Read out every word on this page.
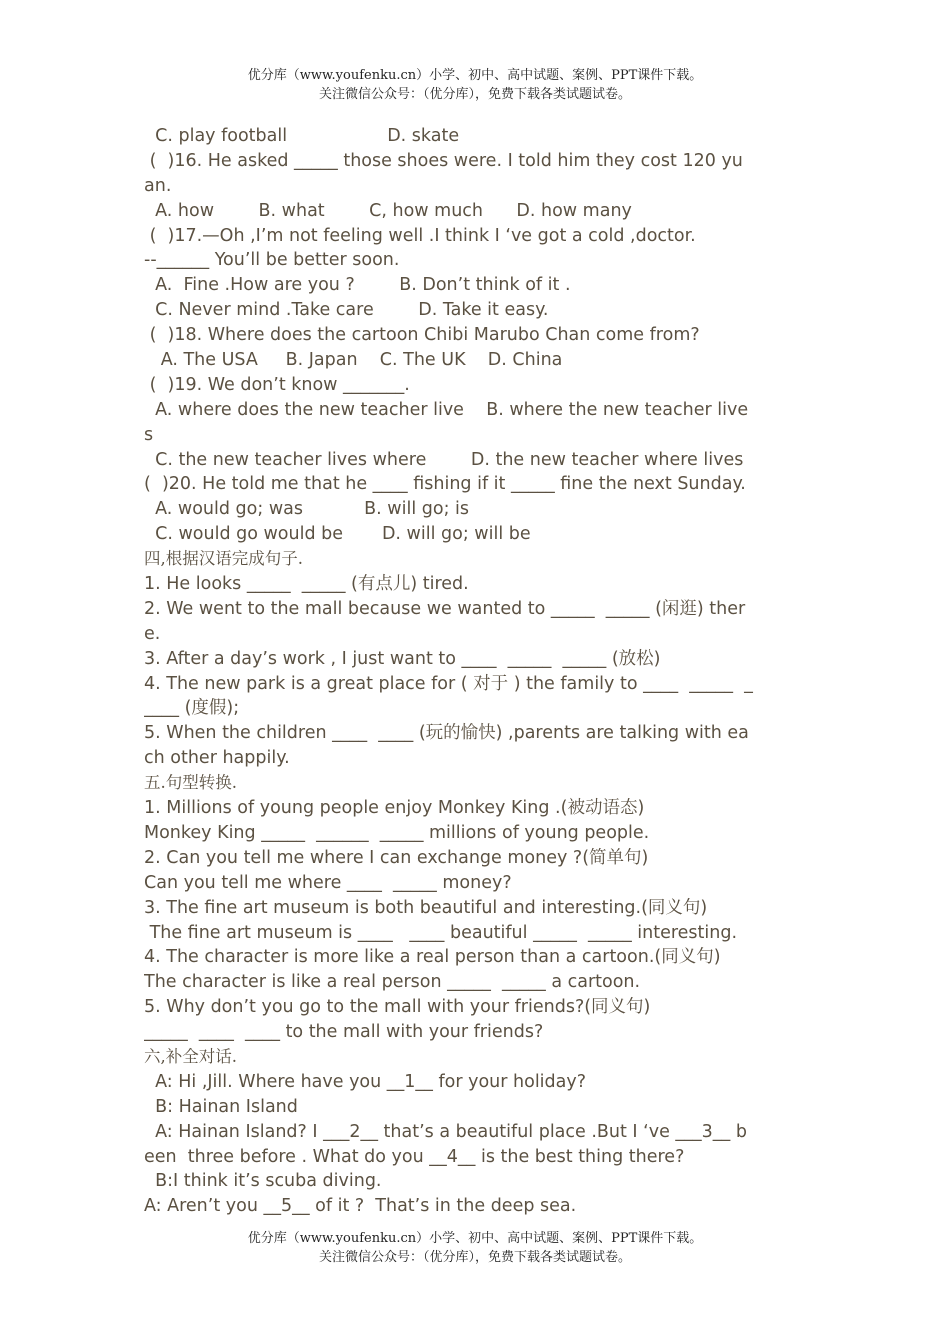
优分库（www.youfenku.cn）小学、初中、高中试题、案例、PPT课件下载。
关注微信公众号：（优分库），免费下载各类试题试卷。
C. play football                  D. skate
(  )16. He asked _____ those shoes were. I told him they cost 120 yu
an.
A. how        B. what        C, how much      D. how many
(  )17.—Oh ,I’m not feeling well .I think I ‘ve got a cold ,doctor.
--______ You’ll be better soon.
A.  Fine .How are you ?        B. Don’t think of it .
C. Never mind .Take care        D. Take it easy.
(  )18. Where does the cartoon Chibi Marubo Chan come from?
A. The USA     B. Japan    C. The UK    D. China
(  )19. We don’t know _______.
A. where does the new teacher live    B. where the new teacher live
s
C. the new teacher lives where        D. the new teacher where lives
(  )20. He told me that he ____ fishing if it _____ fine the next Sunday.
A. would go; was           B. will go; is
C. would go would be       D. will go; will be
四,根据汉语完成句子.
1. He looks _____  _____ (有点儿) tired.
2. We went to the mall because we wanted to _____  _____ (闲逛) ther
e.
3. After a day’s work , I just want to ____  _____  _____ (放松)
4. The new park is a great place for ( 对于 ) the family to ____  _____  _
____ (度假);
5. When the children ____  ____ (玩的愉快) ,parents are talking with ea
ch other happily.
五.句型转换.
1. Millions of young people enjoy Monkey King .(被动语态)
Monkey King _____  ______  _____ millions of young people.
2. Can you tell me where I can exchange money ?(简单句)
Can you tell me where ____  _____ money?
3. The fine art museum is both beautiful and interesting.(同义句)
The fine art museum is ____   ____ beautiful _____  _____ interesting.
4. The character is more like a real person than a cartoon.(同义句)
The character is like a real person _____  _____ a cartoon.
5. Why don’t you go to the mall with your friends?(同义句)
_____  ____  ____ to the mall with your friends?
六,补全对话.
A: Hi ,Jill. Where have you __1__ for your holiday?
B: Hainan Island
A: Hainan Island? I ___2__ that’s a beautiful place .But I ‘ve ___3__ b
een  three before . What do you __4__ is the best thing there?
B:I think it’s scuba diving.
A: Aren’t you __5__ of it ?  That’s in the deep sea.
优分库（www.youfenku.cn）小学、初中、高中试题、案例、PPT课件下载。
关注微信公众号：（优分库），免费下载各类试题试卷。
